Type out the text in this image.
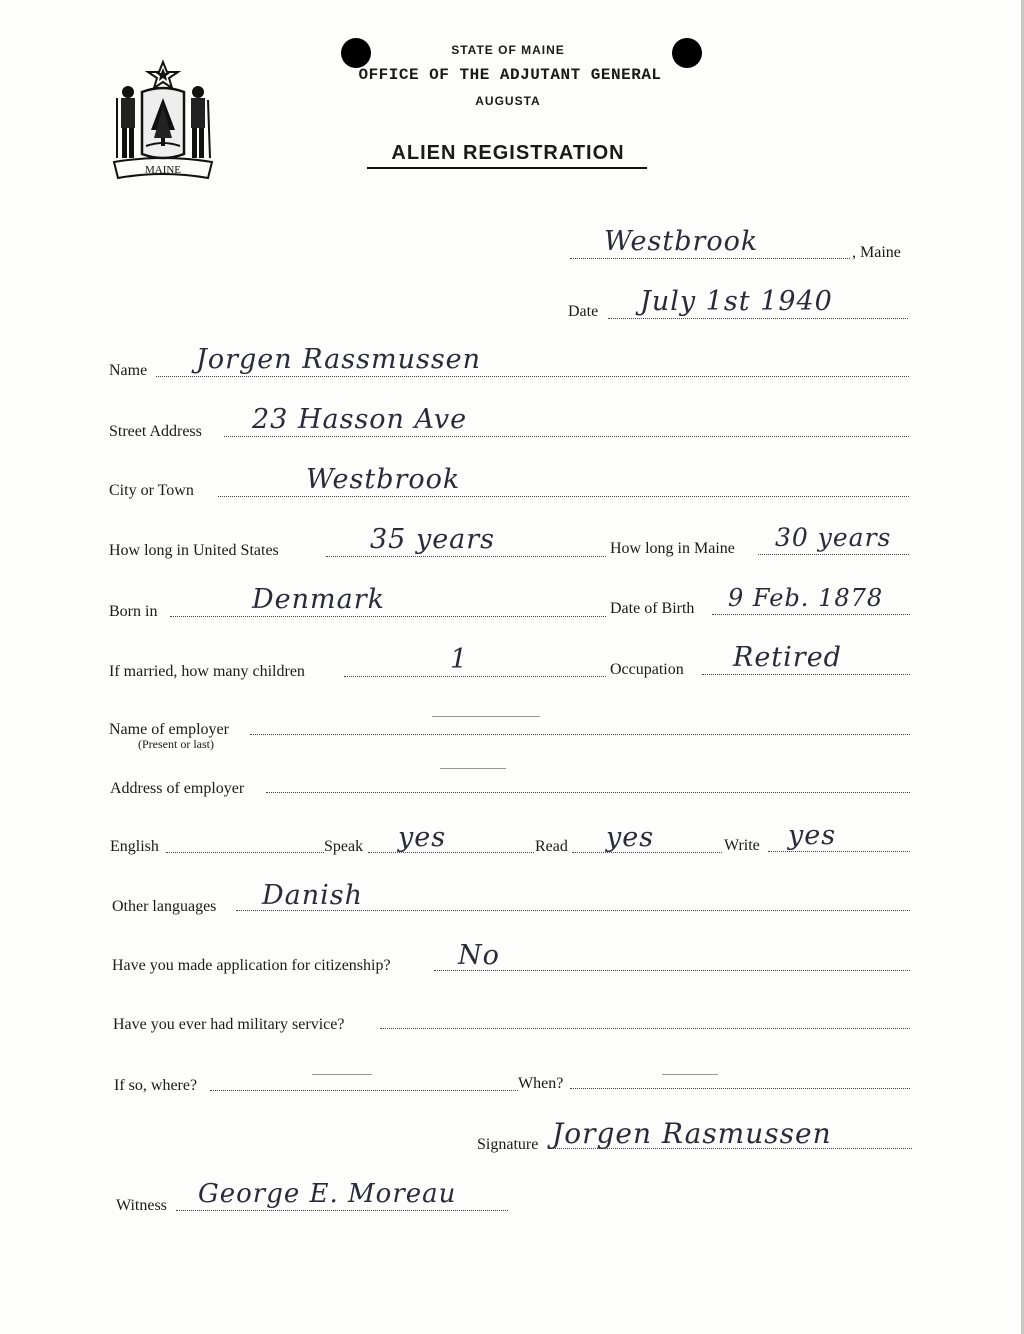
MAINE
STATE OF MAINE
OFFICE OF THE ADJUTANT GENERAL
AUGUSTA
ALIEN REGISTRATION
Westbrook	, Maine
Date July 1st 1940
Name Jorgen Rassmussen
Street Address 23 Hasson Ave
City or Town	Westbrook
How long in United States	35 years	How long in Maine 30 years
Born in	Denmark	Date of Birth 9 Feb. 1878
If married, how many children	1	Occupation Retired
Name of employer
(Present or last)
Address of employer
English	Speak yes	Read yes	Write yes
Other languages Danish
Have you made application for citizenship? No
Have you ever had military service?
If so, where?	When?
Signature Jorgen Rasmussen
Witness George E. Moreau
